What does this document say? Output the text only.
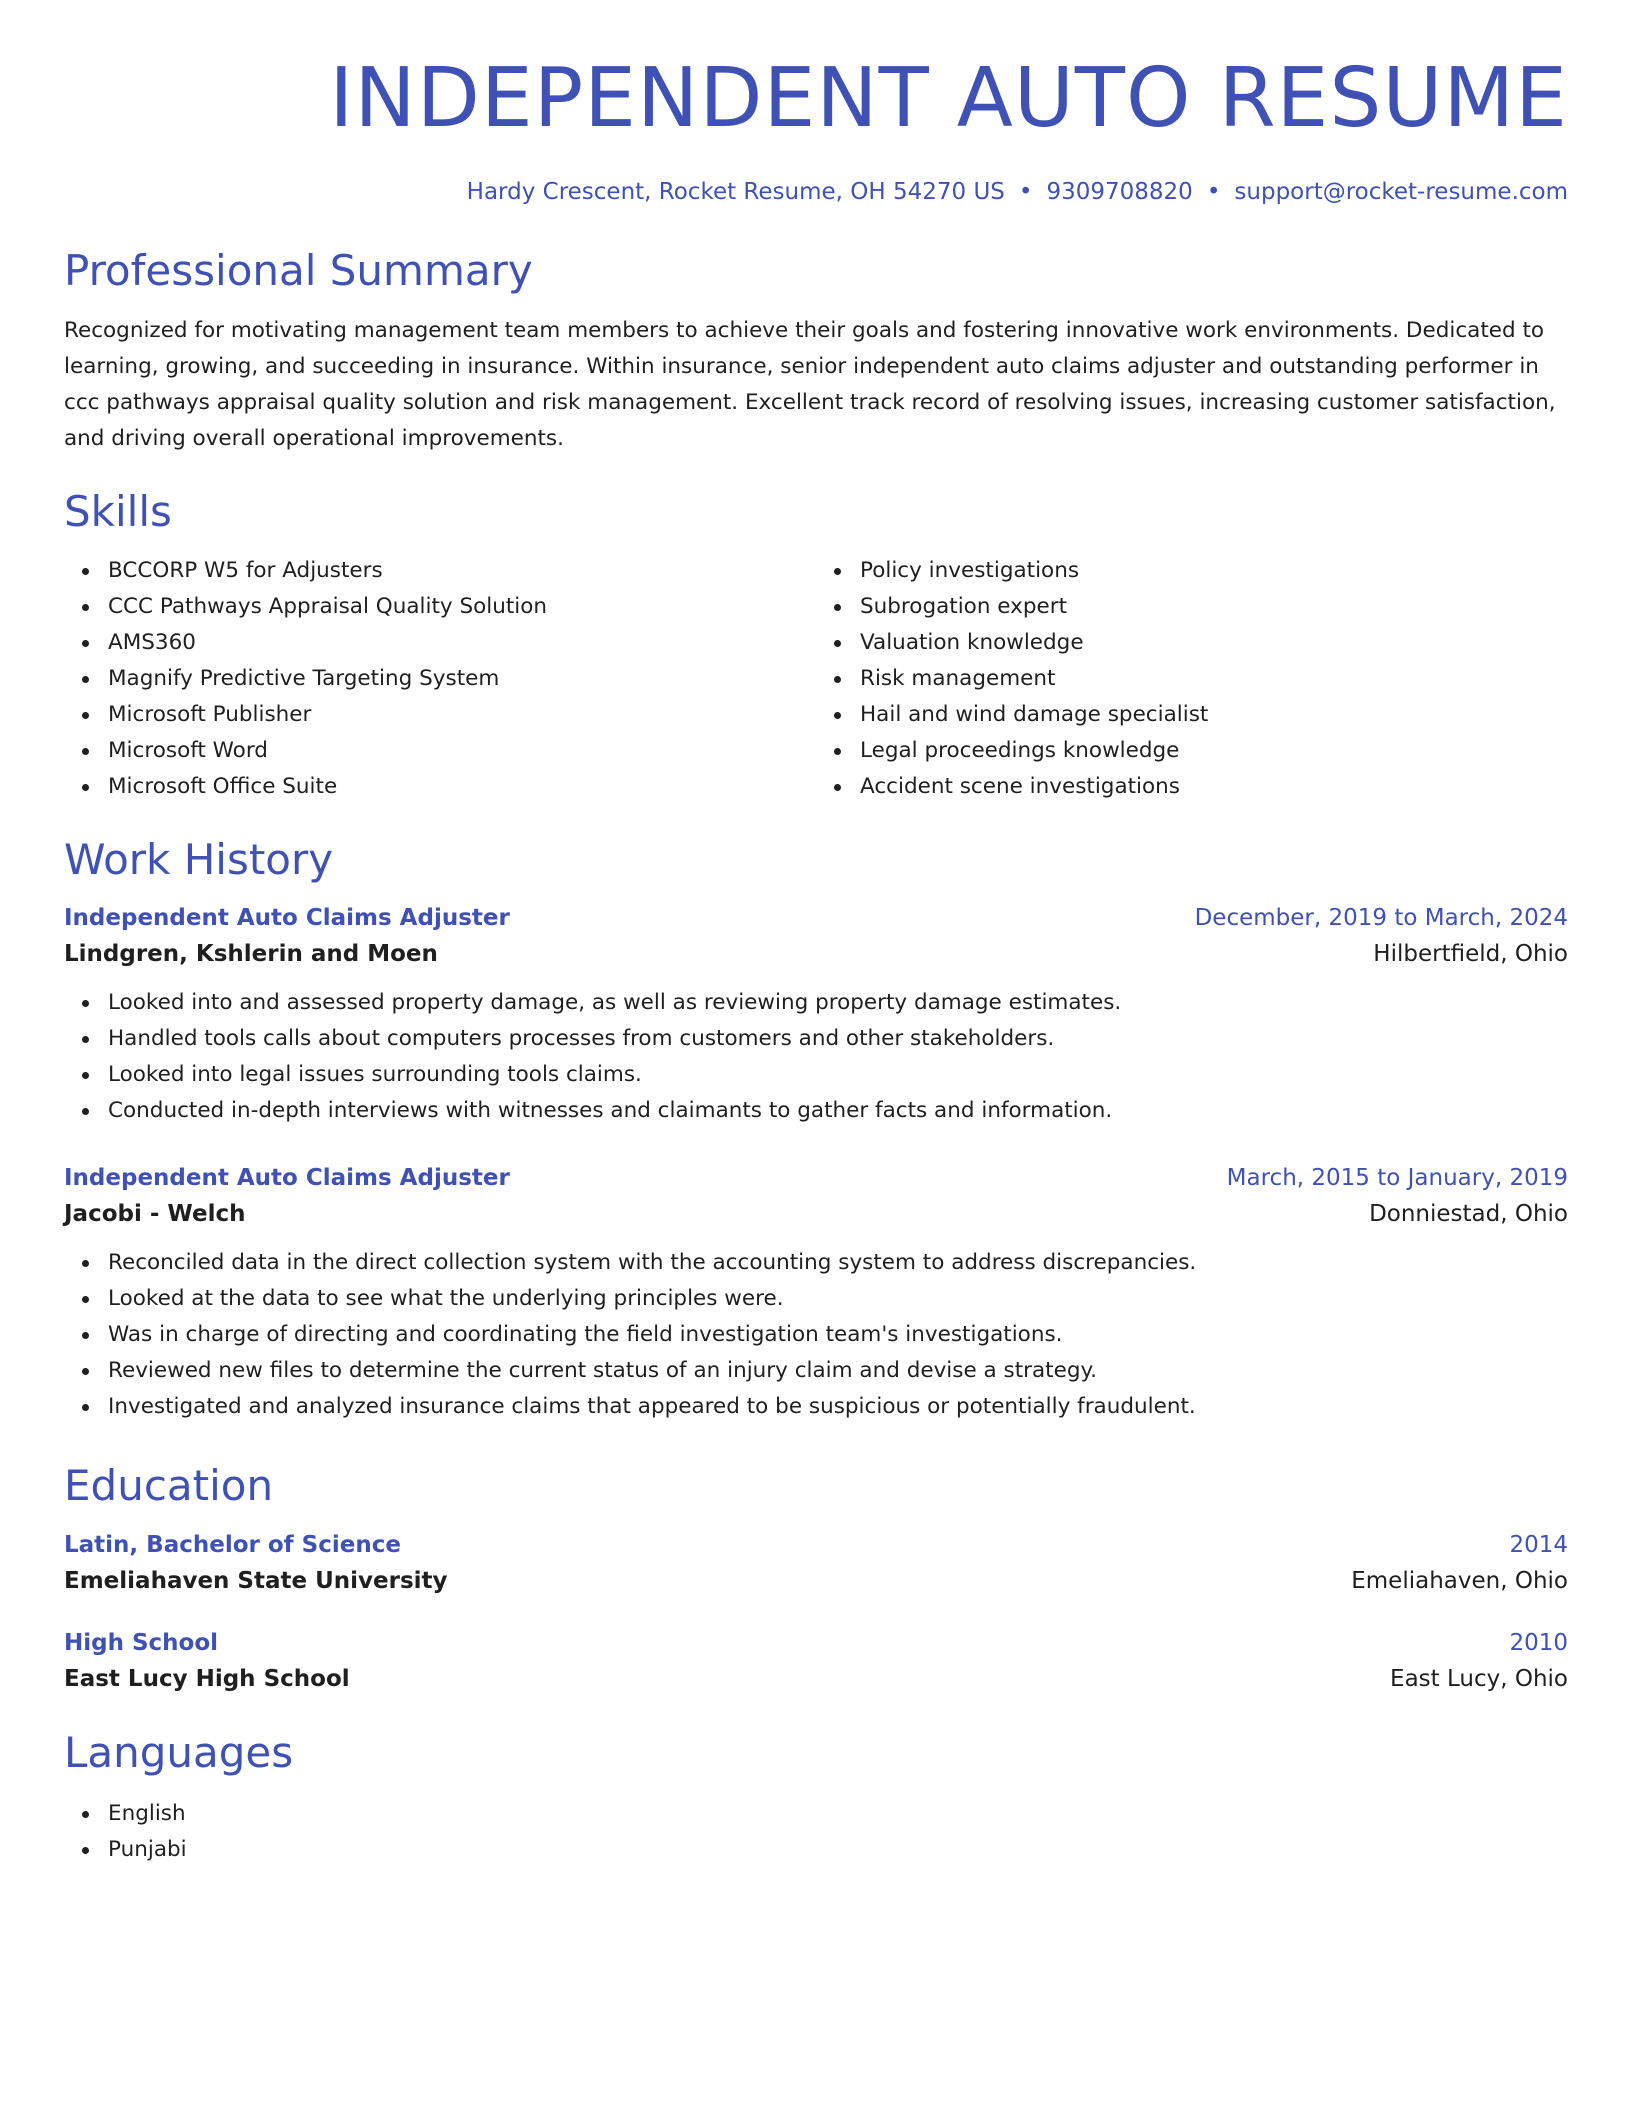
INDEPENDENT AUTO RESUME
Hardy Crescent, Rocket Resume, OH 54270 US • 9309708820 • support@rocket-resume.com
Professional Summary
Recognized for motivating management team members to achieve their goals and fostering innovative work environments. Dedicated to learning, growing, and succeeding in insurance. Within insurance, senior independent auto claims adjuster and outstanding performer in ccc pathways appraisal quality solution and risk management. Excellent track record of resolving issues, increasing customer satisfaction, and driving overall operational improvements.
Skills
BCCORP W5 for Adjusters
CCC Pathways Appraisal Quality Solution
AMS360
Magnify Predictive Targeting System
Microsoft Publisher
Microsoft Word
Microsoft Office Suite
Policy investigations
Subrogation expert
Valuation knowledge
Risk management
Hail and wind damage specialist
Legal proceedings knowledge
Accident scene investigations
Work History
Independent Auto Claims Adjuster	December, 2019 to March, 2024
Lindgren, Kshlerin and Moen	Hilbertfield, Ohio
Looked into and assessed property damage, as well as reviewing property damage estimates.
Handled tools calls about computers processes from customers and other stakeholders.
Looked into legal issues surrounding tools claims.
Conducted in-depth interviews with witnesses and claimants to gather facts and information.
Independent Auto Claims Adjuster	March, 2015 to January, 2019
Jacobi - Welch	Donniestad, Ohio
Reconciled data in the direct collection system with the accounting system to address discrepancies.
Looked at the data to see what the underlying principles were.
Was in charge of directing and coordinating the field investigation team's investigations.
Reviewed new files to determine the current status of an injury claim and devise a strategy.
Investigated and analyzed insurance claims that appeared to be suspicious or potentially fraudulent.
Education
Latin, Bachelor of Science	2014
Emeliahaven State University	Emeliahaven, Ohio
High School	2010
East Lucy High School	East Lucy, Ohio
Languages
English
Punjabi
